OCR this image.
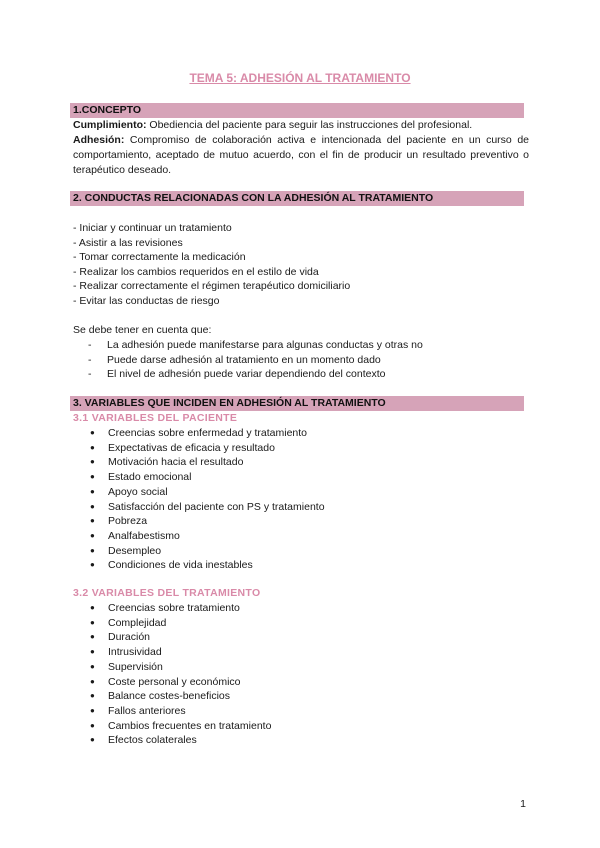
TEMA 5: ADHESIÓN AL TRATAMIENTO
1.CONCEPTO
Cumplimiento: Obediencia del paciente para seguir las instrucciones del profesional.
Adhesión: Compromiso de colaboración activa e intencionada del paciente en un curso de comportamiento, aceptado de mutuo acuerdo, con el fin de producir un resultado preventivo o terapéutico deseado.
2. CONDUCTAS RELACIONADAS CON LA ADHESIÓN AL TRATAMIENTO
- Iniciar y continuar un tratamiento
- Asistir a las revisiones
- Tomar correctamente la medicación
- Realizar los cambios requeridos en el estilo de vida
- Realizar correctamente el régimen terapéutico domiciliario
- Evitar las conductas de riesgo
Se debe tener en cuenta que:
- La adhesión puede manifestarse para algunas conductas y otras no
- Puede darse adhesión al tratamiento en un momento dado
- El nivel de adhesión puede variar dependiendo del contexto
3. VARIABLES QUE INCIDEN EN ADHESIÓN AL TRATAMIENTO
3.1 VARIABLES DEL PACIENTE
● Creencias sobre enfermedad y tratamiento
● Expectativas de eficacia y resultado
● Motivación hacia el resultado
● Estado emocional
● Apoyo social
● Satisfacción del paciente con PS y tratamiento
● Pobreza
● Analfabestismo
● Desempleo
● Condiciones de vida inestables
3.2 VARIABLES DEL TRATAMIENTO
● Creencias sobre tratamiento
● Complejidad
● Duración
● Intrusividad
● Supervisión
● Coste personal y económico
● Balance costes-beneficios
● Fallos anteriores
● Cambios frecuentes en tratamiento
● Efectos colaterales
1
